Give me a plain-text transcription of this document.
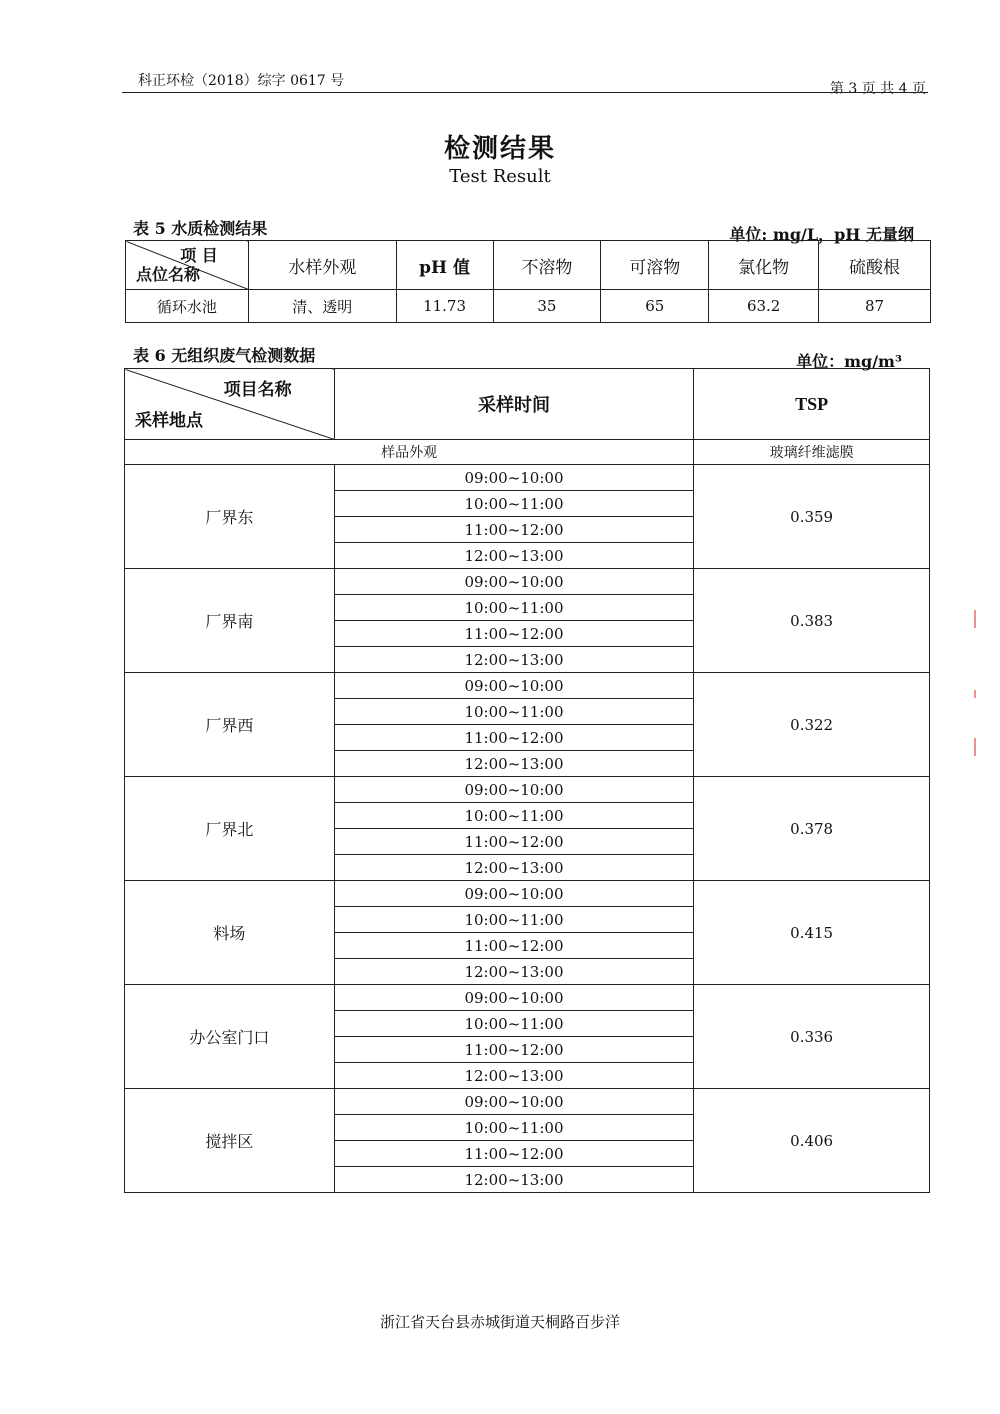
科正环检（2018）综字 0617 号	第 3 页 共 4 页
检测结果
Test Result
表 5 水质检测结果	单位: mg/L，pH 无量纲
项 目
点位名称	水样外观	pH 值	不溶物	可溶物	氯化物	硫酸根
循环水池	清、透明	11.73	35	65	63.2	87
表 6 无组织废气检测数据	单位：mg/m³
项目名称
采样地点	采样时间	TSP
样品外观		玻璃纤维滤膜
厂界东	09:00~10:00	0.359
	10:00~11:00	
	11:00~12:00	
	12:00~13:00	
厂界南	09:00~10:00	0.383
	10:00~11:00	
	11:00~12:00	
	12:00~13:00	
厂界西	09:00~10:00	0.322
	10:00~11:00	
	11:00~12:00	
	12:00~13:00	
厂界北	09:00~10:00	0.378
	10:00~11:00	
	11:00~12:00	
	12:00~13:00	
料场	09:00~10:00	0.415
	10:00~11:00	
	11:00~12:00	
	12:00~13:00	
办公室门口	09:00~10:00	0.336
	10:00~11:00	
	11:00~12:00	
	12:00~13:00	
搅拌区	09:00~10:00	0.406
	10:00~11:00	
	11:00~12:00	
	12:00~13:00	
浙江省天台县赤城街道天桐路百步洋
